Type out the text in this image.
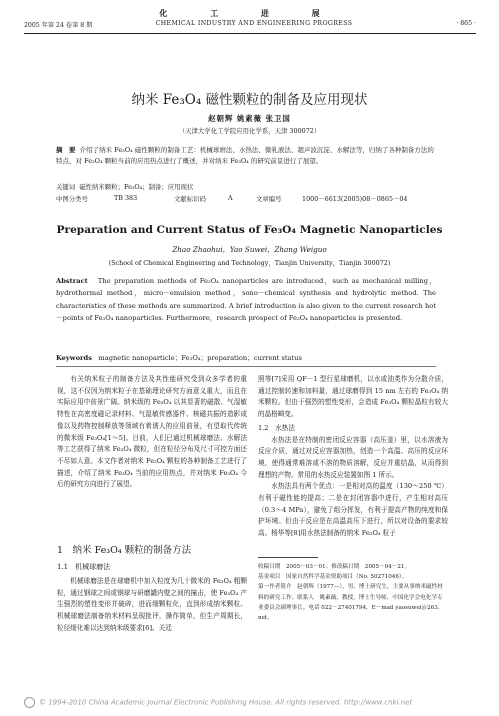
化 工 进 展
2005 年第 24 卷第 8 期	CHEMICAL INDUSTRY AND ENGINEERING PROGRESS	· 865 ·
纳米 Fe₃O₄ 磁性颗粒的制备及应用现状
赵朝辉 姚素薇 张卫国
（天津大学化工学院应用化学系，天津 300072）
摘　要 介绍了纳米 Fe₃O₄ 磁性颗粒的制备工艺：机械球磨法、水热法、微乳液法、超声波沉淀、水解法等，归纳了各种制备方法的特点，对 Fe₃O₄ 颗粒当前的应用热点进行了概述，并对纳米 Fe₃O₄ 的研究前景进行了展望。
关键词 磁性纳米颗粒；Fe₃O₄；制备；应用现状
中图分类号	TB 383	文献标识码	A	文章编号	1000－6613(2005)08－0865－04
Preparation and Current Status of Fe₃O₄ Magnetic Nanoparticles
Zhao Zhaohui，Yao Suwei，Zhang Weiguo
(School of Chemical Engineering and Technology，Tianjin University，Tianjin 300072)
Abstract The preparation methods of Fe₃O₄ nanoparticles are introduced，such as mechanical milling，hydrothermal method，micro－emulsion method，sono－chemical synthesis and hydrolytic method. The characteristics of these methods are summarized. A brief introduction is also given to the current research hot－points of Fe₃O₄ nanoparticles. Furthermore，research prospect of Fe₃O₄ nanoparticles is presented.
Keywords magnetic nanoparticle；Fe₃O₄；preparation；current status

有关纳米粒子的制备方法及其性能研究受到众多学者的重视，这不仅因为纳米粒子在基础理论研究方面意义重大，而且在实际应用中前景广阔。纳米级的 Fe₃O₄ 以其显著的磁散、气湿敏特性在高密度磁记录材料、气湿敏传感器件、核磁共振的造影成像以及药物控制释放等领域有着诱人的应用前景，有望取代传统的微米级 Fe₃O₄[1～5]。目前，人们已通过机械球磨法、水解法等工艺获得了纳米 Fe₃O₄ 微粒，但在粒径分布及尺寸可控方面还不尽如人意。本文作者对纳米 Fe₃O₄ 颗粒的各种制备工艺进行了描述，介绍了纳米 Fe₃O₄ 当前的应用热点，并对纳米 Fe₃O₄ 今后的研究方向进行了展望。

1　纳米 Fe₃O₄ 颗粒的制备方法
1.1　机械球磨法

机械球磨法是在球磨机中加入粒度为几十微米的 Fe₃O₄ 粗颗粒，通过钢球之间或钢球与研磨罐内壁之间的撞击，使 Fe₃O₄ 产生强烈的塑性变形并破碎，进而细颗粒化，直到形成纳米颗粒。机械球磨法制备纳米材料呈现批评，操作简单，但生产周期长，粒径细化难以达到纳米级要求[6]。关廷

照等[7]采用 QF－1 型行星球磨机，以水或油类作为分散介质，通过控制转速和加料量，通过球磨得到 15 nm 左右的 Fe₃O₄ 纳米颗粒。但由于强烈的塑性变形，会造成 Fe₃O₄ 颗粒晶粒有较大的晶格畸变。

1.2　水热法

水热法是在特制的密闭反应容器（高压釜）里，以水溶液为反应介质，通过对反应容器加热，创造一个高温、高压的反应环境，使得通常难溶或不溶的物质溶解，反应并重结晶，从而得到理想的产物。常用的水热反应装置如图 1 所示。

水热法具有两个优点：一是相对高的温度（130～250 ℃）有利于磁性能的提高；二是在封闭容器中进行，产生相对高压（0.3～4 MPa），避免了组分挥发，有利于提高产物的纯度和保护环境。但由于反应是在高温高压下进行，所以对设备的要求较高。杨华等[8]用水热法制备的纳米 Fe₃O₄ 粒子

收稿日期　2005－03－01；修改稿日期　2005－04－21。

基金项目　国家自然科学基金资助项目（No. 50271046）。

第一作者简介　赵朝辉（1977—），男，博士研究生，主要从事纳米磁性材料的研究工作。联系人　姚素薇，教授，博士生导师，中国化学会电化学专业委员会副理事长。电话 022－27401794，E－mail yaosuwei＠263. net。

© 1994-2010 China Academic Journal Electronic Publishing House. All rights reserved. http://www.cnki.net
